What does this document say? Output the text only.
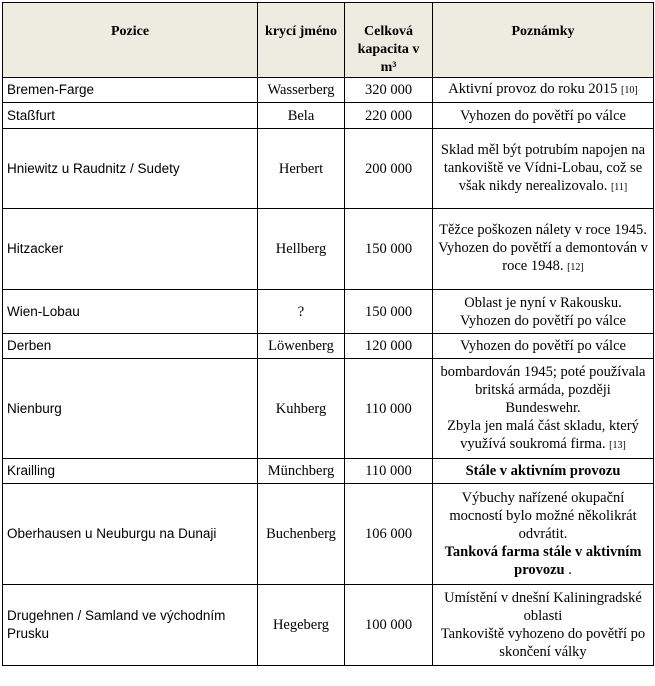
Pozice	krycí jméno	Celková kapacita v m³	Poznámky
Bremen-Farge	Wasserberg	320 000	Aktivní provoz do roku 2015 [10]
Staßfurt	Bela	220 000	Vyhozen do povětří po válce

Hniewitz u Raudnitz / Sudety	Herbert	200 000	Sklad měl být potrubím napojen na tankoviště ve Vídni-Lobau, což se však nikdy nerealizovalo. [11]
Hitzacker	Hellberg	150 000	Těžce poškozen nálety v roce 1945.
Vyhozen do povětří a demontován v roce 1948. [12]
Wien-Lobau	?	150 000	Oblast je nyní v Rakousku.
Vyhozen do povětří po válce

Derben	Löwenberg	120 000	Vyhozen do povětří po válce

Nienburg	Kuhberg	110 000	bombardován 1945; poté používala britská armáda, později Bundeswehr.
Zbyla jen malá část skladu, který využívá soukromá firma. [13]
Krailling	Münchberg	110 000	Stále v aktivním provozu

Oberhausen u Neuburgu na Dunaji	Buchenberg	106 000	Výbuchy nařízené okupační mocností bylo možné několikrát odvrátit.
Tanková farma stále v aktivním provozu .

Drugehnen / Samland ve východním Prusku	Hegeberg	100 000	Umístění v dnešní Kaliningradské oblasti
Tankoviště vyhozeno do povětří po skončení války
